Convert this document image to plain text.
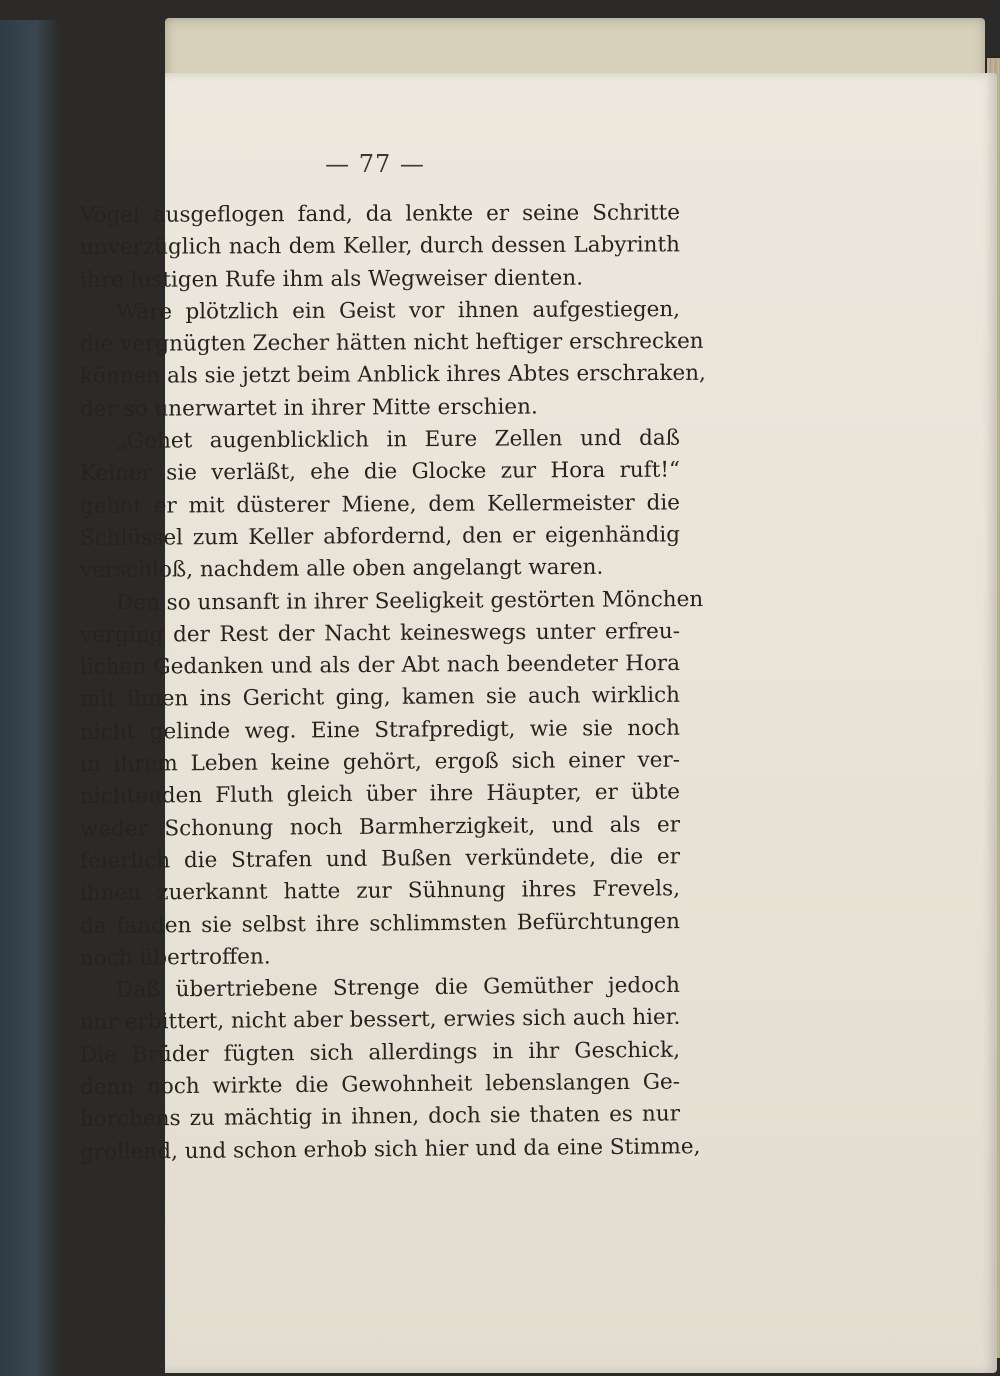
— 77 —
Vögel ausgeflogen fand, da lenkte er seine Schritte
unverzüglich nach dem Keller, durch dessen Labyrinth
ihre lustigen Rufe ihm als Wegweiser dienten.
Wäre plötzlich ein Geist vor ihnen aufgestiegen,
die vergnügten Zecher hätten nicht heftiger erschrecken
können als sie jetzt beim Anblick ihres Abtes erschraken,
der so unerwartet in ihrer Mitte erschien.
„Gehet augenblicklich in Eure Zellen und daß
Keiner sie verläßt, ehe die Glocke zur Hora ruft!“
gebot er mit düsterer Miene, dem Kellermeister die
Schlüssel zum Keller abfordernd, den er eigenhändig
verschloß, nachdem alle oben angelangt waren.
Den so unsanft in ihrer Seeligkeit gestörten Mönchen
verging der Rest der Nacht keineswegs unter erfreu-
lichen Gedanken und als der Abt nach beendeter Hora
mit ihnen ins Gericht ging, kamen sie auch wirklich
nicht gelinde weg. Eine Strafpredigt, wie sie noch
in ihrem Leben keine gehört, ergoß sich einer ver-
nichtenden Fluth gleich über ihre Häupter, er übte
weder Schonung noch Barmherzigkeit, und als er
feierlich die Strafen und Bußen verkündete, die er
ihnen zuerkannt hatte zur Sühnung ihres Frevels,
da fanden sie selbst ihre schlimmsten Befürchtungen
noch übertroffen.
Daß übertriebene Strenge die Gemüther jedoch
nur erbittert, nicht aber bessert, erwies sich auch hier.
Die Brüder fügten sich allerdings in ihr Geschick,
denn noch wirkte die Gewohnheit lebenslangen Ge-
horchens zu mächtig in ihnen, doch sie thaten es nur
grollend, und schon erhob sich hier und da eine Stimme,
